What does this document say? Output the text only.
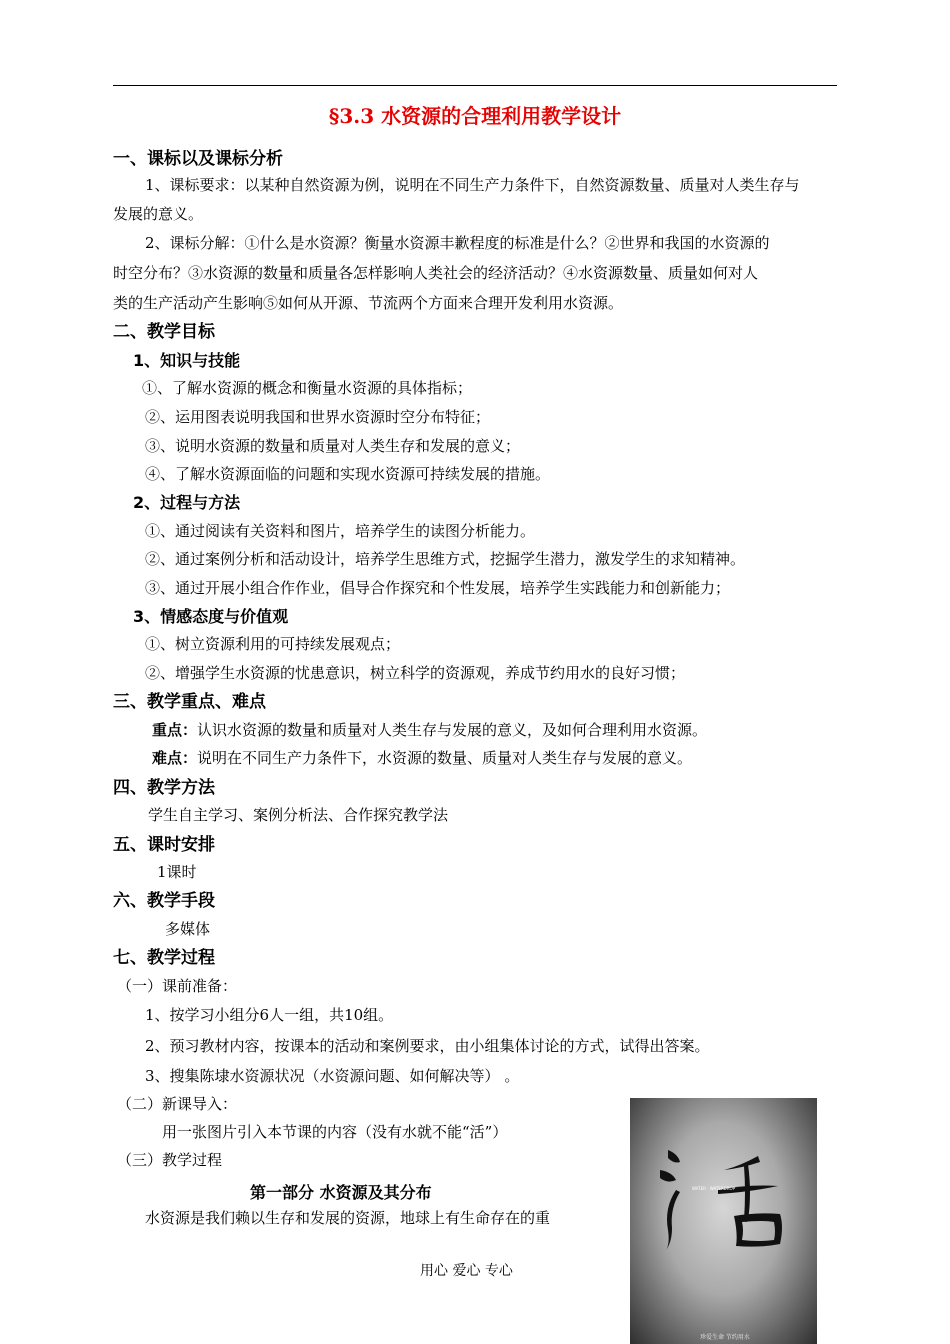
§3.3 水资源的合理利用教学设计
一、课标以及课标分析
1、课标要求：以某种自然资源为例，说明在不同生产力条件下，自然资源数量、质量对人类生存与
发展的意义。
2、课标分解：①什么是水资源？衡量水资源丰歉程度的标准是什么？②世界和我国的水资源的
时空分布？③水资源的数量和质量各怎样影响人类社会的经济活动？④水资源数量、质量如何对人
类的生产活动产生影响⑤如何从开源、节流两个方面来合理开发利用水资源。
二、教学目标
1、知识与技能
①、了解水资源的概念和衡量水资源的具体指标；
②、运用图表说明我国和世界水资源时空分布特征；
③、说明水资源的数量和质量对人类生存和发展的意义；
④、了解水资源面临的问题和实现水资源可持续发展的措施。
2、过程与方法
①、通过阅读有关资料和图片，培养学生的读图分析能力。
②、通过案例分析和活动设计，培养学生思维方式，挖掘学生潜力，激发学生的求知精神。
③、通过开展小组合作作业，倡导合作探究和个性发展，培养学生实践能力和创新能力；
3、情感态度与价值观
①、树立资源利用的可持续发展观点；
②、增强学生水资源的忧患意识，树立科学的资源观，养成节约用水的良好习惯；
三、教学重点、难点
重点：认识水资源的数量和质量对人类生存与发展的意义，及如何合理利用水资源。
难点：说明在不同生产力条件下，水资源的数量、质量对人类生存与发展的意义。
四、教学方法
学生自主学习、案例分析法、合作探究教学法
五、课时安排
1课时
六、教学手段
多媒体
七、教学过程
（一）课前准备：
1、按学习小组分6人一组，共10组。
2、预习教材内容，按课本的活动和案例要求，由小组集体讨论的方式，试得出答案。
3、搜集陈埭水资源状况（水资源问题、如何解决等） 。
（二）新课导入：
用一张图片引入本节课的内容（没有水就不能“活”）
（三）教学过程
第一部分 水资源及其分布
水资源是我们赖以生存和发展的资源，地球上有生命存在的重
WATER · WATERDROP
珍爱生命 节约用水
用心 爱心 专心
